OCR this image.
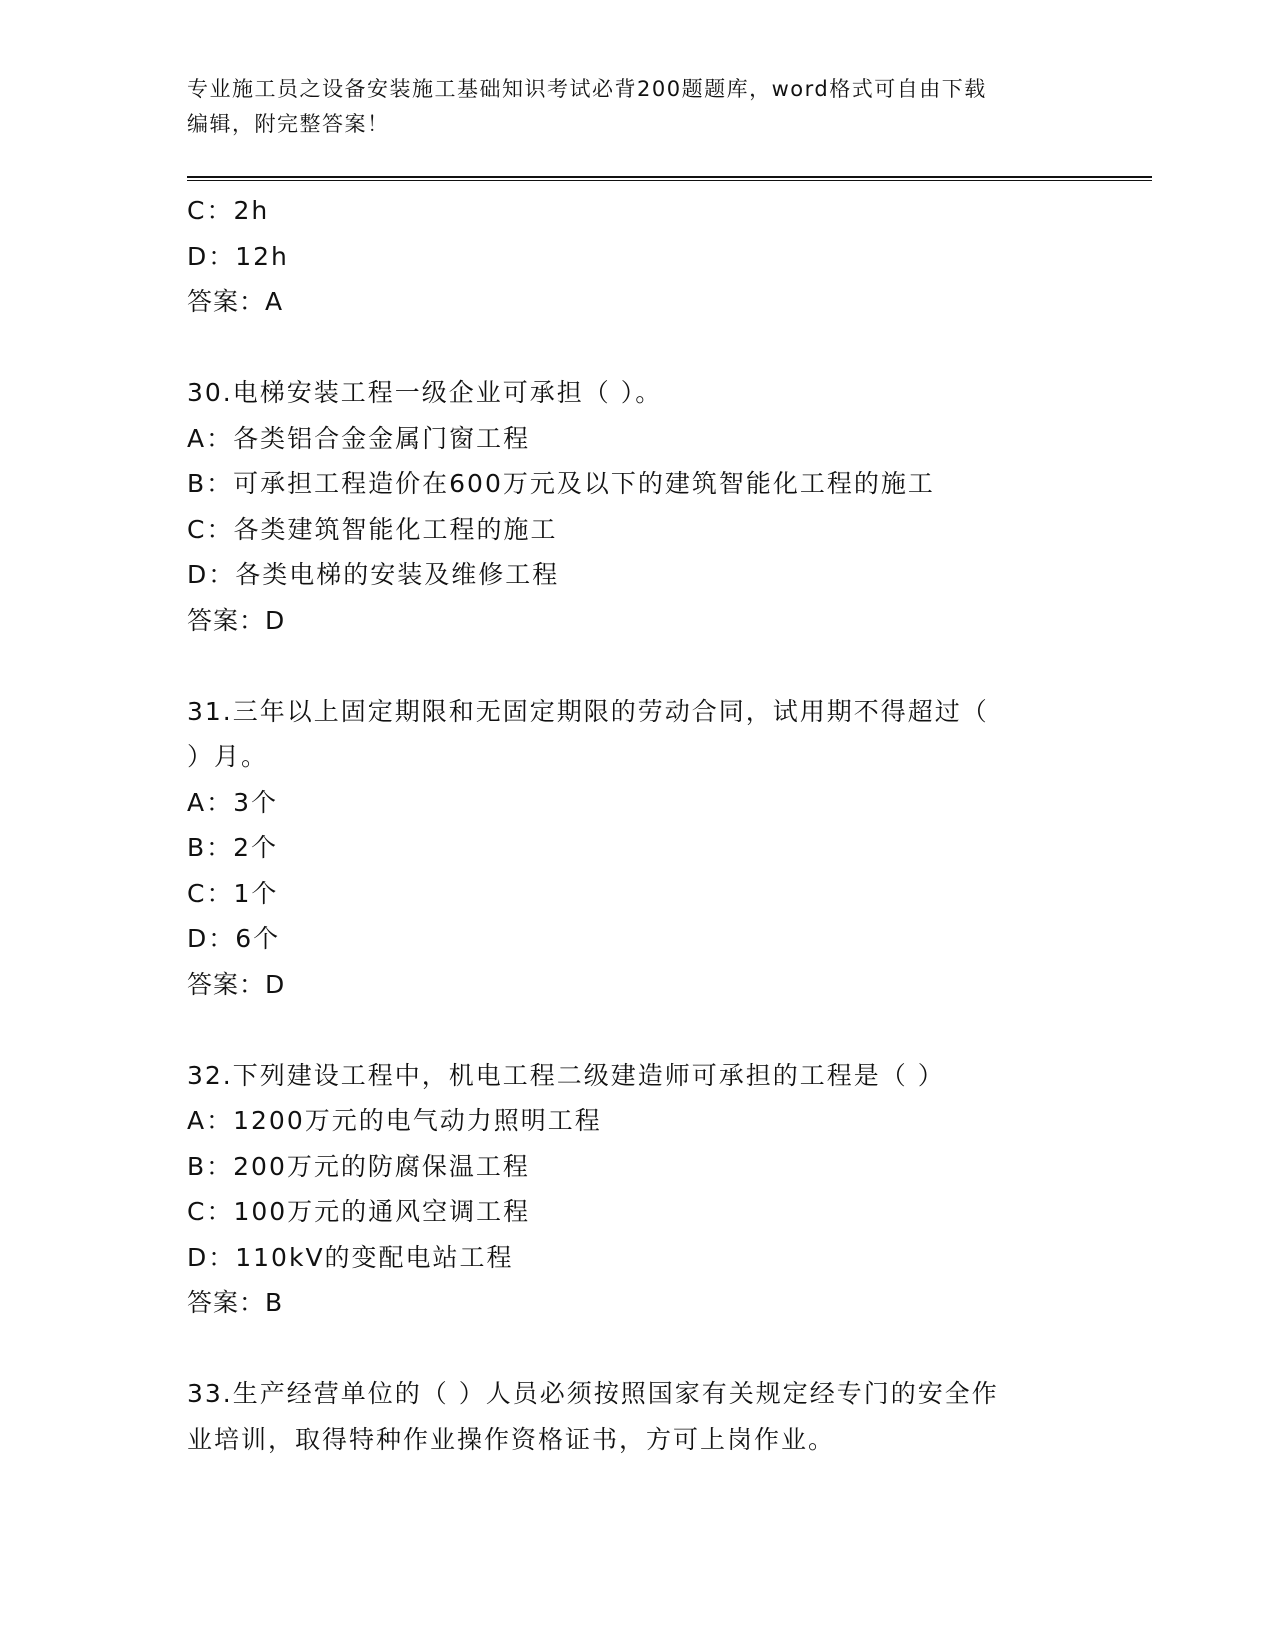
专业施工员之设备安装施工基础知识考试必背200题题库，word格式可自由下载
编辑，附完整答案！
C：2h
D：12h
答案：A
30.电梯安装工程一级企业可承担（ ）。
A：各类铝合金金属门窗工程
B：可承担工程造价在600万元及以下的建筑智能化工程的施工
C：各类建筑智能化工程的施工
D：各类电梯的安装及维修工程
答案：D
31.三年以上固定期限和无固定期限的劳动合同，试用期不得超过（
）月。
A：3个
B：2个
C：1个
D：6个
答案：D
32.下列建设工程中，机电工程二级建造师可承担的工程是（ ）
A：1200万元的电气动力照明工程
B：200万元的防腐保温工程
C：100万元的通风空调工程
D：110kV的变配电站工程
答案：B
33.生产经营单位的（ ）人员必须按照国家有关规定经专门的安全作
业培训，取得特种作业操作资格证书，方可上岗作业。
